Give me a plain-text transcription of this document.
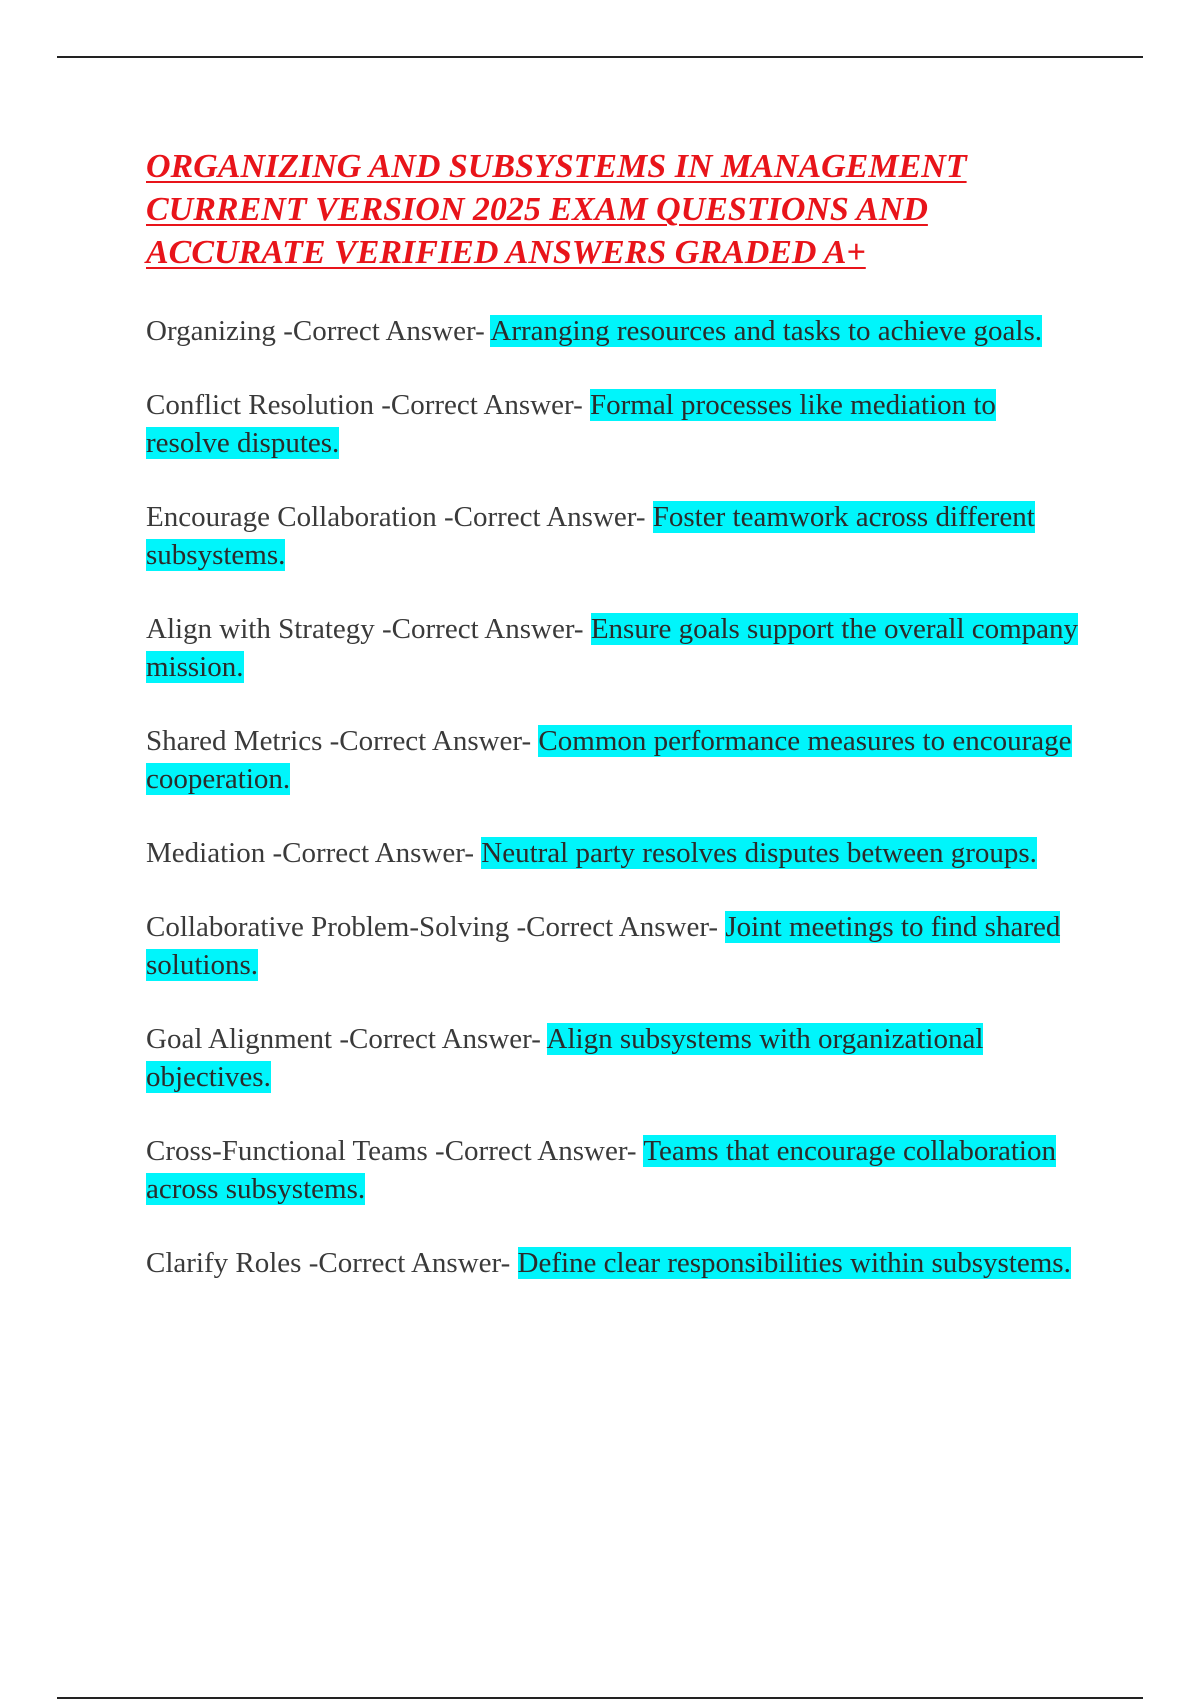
ORGANIZING AND SUBSYSTEMS IN MANAGEMENT CURRENT VERSION 2025 EXAM QUESTIONS AND ACCURATE VERIFIED ANSWERS GRADED A+

Organizing -Correct Answer- Arranging resources and tasks to achieve goals.

Conflict Resolution -Correct Answer- Formal processes like mediation to resolve disputes.

Encourage Collaboration -Correct Answer- Foster teamwork across different subsystems.

Align with Strategy -Correct Answer- Ensure goals support the overall company mission.

Shared Metrics -Correct Answer- Common performance measures to encourage cooperation.

Mediation -Correct Answer- Neutral party resolves disputes between groups.

Collaborative Problem-Solving -Correct Answer- Joint meetings to find shared solutions.

Goal Alignment -Correct Answer- Align subsystems with organizational objectives.

Cross-Functional Teams -Correct Answer- Teams that encourage collaboration across subsystems.

Clarify Roles -Correct Answer- Define clear responsibilities within subsystems.
